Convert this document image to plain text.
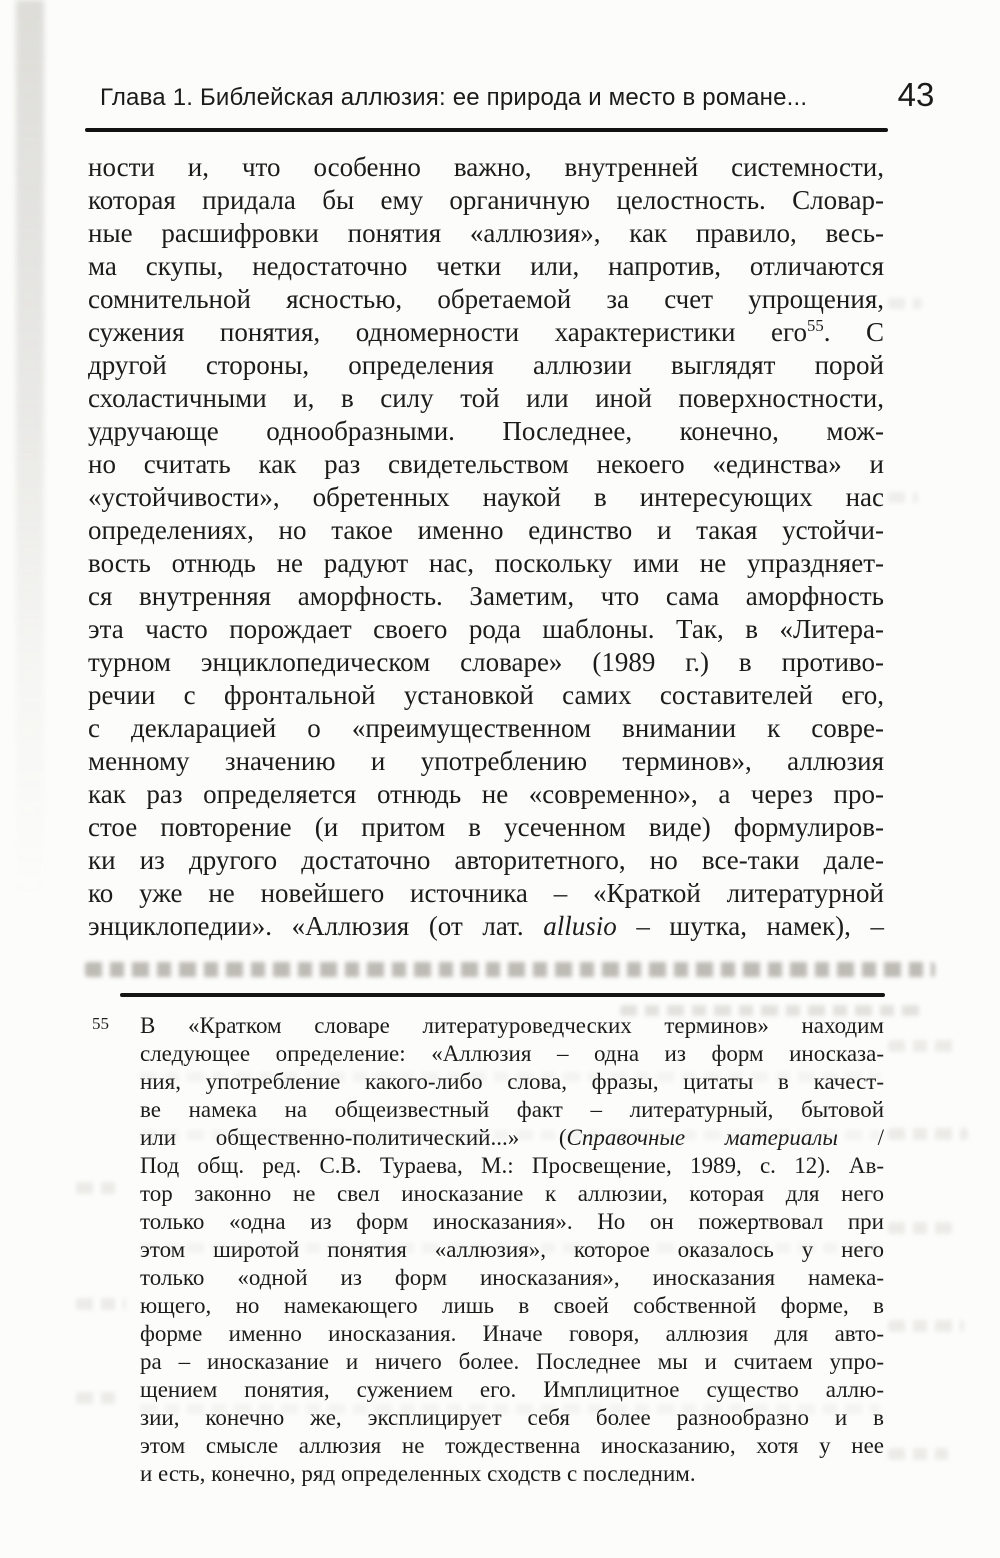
Глава 1. Библейская аллюзия: ее природа и место в романе...	43
ности и, что особенно важно, внутренней системности,
которая придала бы ему органичную целостность. Словар-
ные расшифровки понятия «аллюзия», как правило, весь-
ма скупы, недостаточно четки или, напротив, отличаются
сомнительной ясностью, обретаемой за счет упрощения,
сужения понятия, одномерности характеристики его$^{55}$. С
другой стороны, определения аллюзии выглядят порой
схоластичными и, в силу той или иной поверхностности,
удручающе однообразными. Последнее, конечно, мож-
но считать как раз свидетельством некоего «единства» и
«устойчивости», обретенных наукой в интересующих нас
определениях, но такое именно единство и такая устойчи-
вость отнюдь не радуют нас, поскольку ими не упраздняет-
ся внутренняя аморфность. Заметим, что сама аморфность
эта часто порождает своего рода шаблоны. Так, в «Литера-
турном энциклопедическом словаре» (1989 г.) в противо-
речии с фронтальной установкой самих составителей его,
с декларацией о «преимущественном внимании к совре-
менному значению и употреблению терминов», аллюзия
как раз определяется отнюдь не «современно», а через про-
стое повторение (и притом в усеченном виде) формулиров-
ки из другого достаточно авторитетного, но все-таки дале-
ко уже не новейшего источника – «Краткой литературной
энциклопедии». «Аллюзия (от лат. allusio – шутка, намек), –
55 В «Кратком словаре литературоведческих терминов» находим
следующее определение: «Аллюзия – одна из форм иносказа-
ния, употребление какого-либо слова, фразы, цитаты в качест-
ве намека на общеизвестный факт – литературный, бытовой
или общественно-политический...» (Справочные материалы /
Под общ. ред. С.В. Тураева, М.: Просвещение, 1989, с. 12). Ав-
тор законно не свел иносказание к аллюзии, которая для него
только «одна из форм иносказания». Но он пожертвовал при
этом широтой понятия «аллюзия», которое оказалось у него
только «одной из форм иносказания», иносказания намека-
ющего, но намекающего лишь в своей собственной форме, в
форме именно иносказания. Иначе говоря, аллюзия для авто-
ра – иносказание и ничего более. Последнее мы и считаем упро-
щением понятия, сужением его. Имплицитное существо аллю-
зии, конечно же, эксплицирует себя более разнообразно и в
этом смысле аллюзия не тождественна иносказанию, хотя у нее
и есть, конечно, ряд определенных сходств с последним.
